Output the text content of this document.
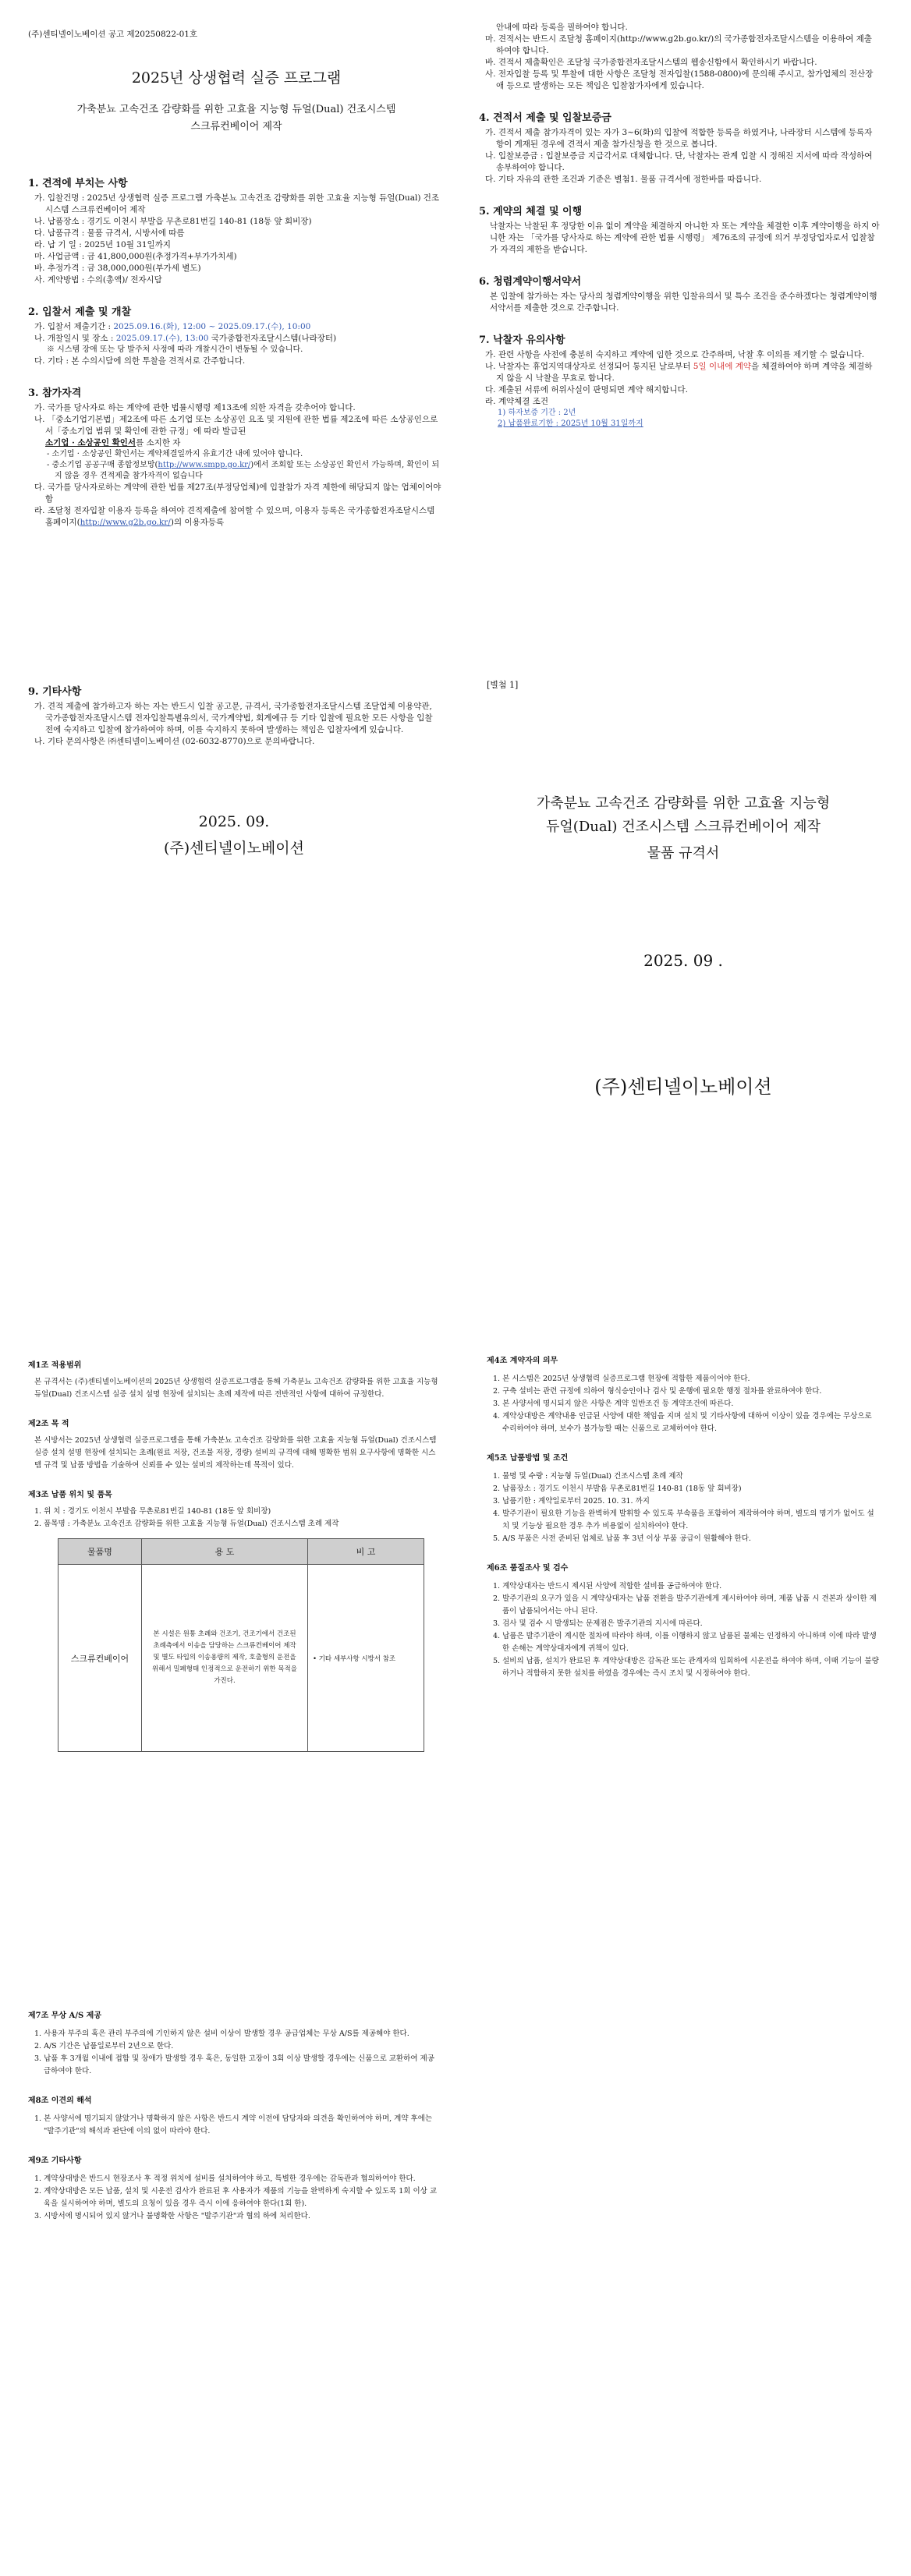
(주)센티넬이노베이션 공고 제20250822-01호
2025년 상생협력 실증 프로그램
가축분뇨 고속건조 감량화를 위한 고효율 지능형 듀얼(Dual) 건조시스템
스크류컨베이어 제작

1. 견적에 부치는 사항

가. 입찰건명 : 2025년 상생협력 실증 프로그램 가축분뇨 고속건조 감량화를 위한 고효율 지능형 듀얼(Dual) 건조시스템 스크류컨베이어 제작

나. 납품장소 : 경기도 이천시 부발읍 무촌로81번길 140-81 (18동 앞 회비장)

다. 납품규격 : 물품 규격서, 시방서에 따름

라. 납 기 일 : 2025년 10월 31일까지

마. 사업금액 : 금 41,800,000원(추정가격+부가가치세)

바. 추정가격 : 금 38,000,000원(부가세 별도)

사. 계약방법 : 수의(총액)/ 전자시담

2. 입찰서 제출 및 개찰

가. 입찰서 제출기간 : 2025.09.16.(화), 12:00 ~ 2025.09.17.(수), 10:00

나. 개찰일시 및 장소 : 2025.09.17.(수), 13:00 국가종합전자조달시스템(나라장터)

※ 시스템 장애 또는 당 발주처 사정에 따라 개찰시간이 변동될 수 있습니다.

다. 기타 : 본 수의시담에 의한 투찰을 견적서로 간주합니다.

3. 참가자격

가. 국가를 당사자로 하는 계약에 관한 법률시행령 제13조에 의한 자격을 갖추어야 합니다.

나. 「중소기업기본법」제2조에 따른 소기업 또는 소상공인 요조 및 지원에 관한 법률 제2조에 따른 소상공인으로서「중소기업 범위 및 확인에 관한 규정」에 따라 발급된
소기업 · 소상공인 확인서를 소지한 자

- 소기업 · 소상공인 확인서는 계약체결일까지 유효기간 내에 있어야 합니다.

- 중소기업 공공구매 종합정보망(http://www.smpp.go.kr/)에서 조회할 또는 소상공인 확인서 가능하며, 확인이 되지 않을 경우 견적제출 참가자격이 없습니다

다. 국가를 당사자로하는 계약에 관한 법률 제27조(부정당업체)에 입찰참가 자격 제한에 해당되지 않는 업체이어야 함

라. 조달청 전자입찰 이용자 등록을 하여야 견적제출에 참여할 수 있으며, 이용자 등록은 국가종합전자조달시스템 홈페이지(http://www.g2b.go.kr/)의 이용자등록

안내에 따라 등록을 필하여야 합니다.

마. 견적서는 반드시 조달청 홈페이지(http://www.g2b.go.kr/)의 국가종합전자조달시스템을 이용하여 제출하여야 합니다.

바. 견적서 제출확인은 조달청 국가종합전자조달시스템의 웹송신함에서 확인하시기 바랍니다.

사. 전자입찰 등록 및 투찰에 대한 사항은 조달청 전자입찰(1588-0800)에 문의해 주시고, 참가업체의 전산장애 등으로 발생하는 모든 책임은 입찰참가자에게 있습니다.

4. 견적서 제출 및 입찰보증금

가. 견적서 제출 참가자격이 있는 자가 3~6(화)의 입찰에 적합한 등록을 하였거나, 나라장터 시스템에 등록자항이 게재된 경우에 견적서 제출 참가신청을 한 것으로 봅니다.

나. 입찰보증금 : 입찰보증금 지급각서로 대체합니다. 단, 낙찰자는 관계 입찰 시 정해진 지서에 따라 작성하여 송부하여야 합니다.

다. 기타 자유의 관한 조건과 기준은 별첨1. 물품 규격서에 정한바를 따릅니다.

5. 계약의 체결 및 이행

낙찰자는 낙찰된 후 정당한 이유 없이 계약을 체결하지 아니한 자 또는 계약을 체결한 이후 계약이행을 하지 아니한 자는 「국가를 당사자로 하는 계약에 관한 법률 시행령」 제76조의 규정에 의거 부정당업자로서 입찰참가 자격의 제한을 받습니다.

6. 청렴계약이행서약서

본 입찰에 참가하는 자는 당사의 청렴계약이행을 위한 입찰유의서 및 특수 조건을 준수하겠다는 청렴계약이행서약서를 제출한 것으로 간주합니다.

7. 낙찰자 유의사항

가. 관련 사항을 사전에 충분히 숙지하고 계약에 임한 것으로 간주하며, 낙찰 후 이의를 제기할 수 없습니다.

나. 낙찰자는 휴업지역대상자로 선정되어 통지된 날로부터 5일 이내에 계약을 체결하여야 하며 계약을 체결하지 않을 시 낙찰을 무효로 합니다.

다. 제출된 서류에 허위사실이 판명되면 계약 해지합니다.

라. 계약체결 조건

1) 하자보증 기간 : 2년

2) 납품완료기한 : 2025년 10월 31일까지

9. 기타사항

가. 견적 제출에 참가하고자 하는 자는 반드시 입찰 공고문, 규격서, 국가종합전자조달시스템 조달업체 이용약관, 국가종합전자조달시스템 전자입찰특별유의서, 국가계약법, 회계예규 등 기타 입찰에 필요한 모든 사항을 입찰 전에 숙지하고 입찰에 참가하여야 하며, 이를 숙지하지 못하여 발생하는 책임은 입찰자에게 있습니다.

나. 기타 문의사항은 ㈜센티넬이노베이션 (02-6032-8770)으로 문의바랍니다.

2025. 09.
(주)센티넬이노베이션
[별첨 1]
가축분뇨 고속건조 감량화를 위한 고효율 지능형
듀얼(Dual) 건조시스템 스크류컨베이어 제작
물품 규격서
2025. 09 .
(주)센티넬이노베이션

제1조 적용범위

본 규격서는 (주)센티넬이노베이션의 2025년 상생협력 실증프로그램을 통해 가축분뇨 고속건조 감량화를 위한 고효율 지능형 듀얼(Dual) 건조시스템 실증 설치 설명 현장에 설치되는 초례 제작에 따른 전반적인 사항에 대하여 규정한다.

제2조 목 적

본 시방서는 2025년 상생협력 실증프로그램을 통해 가축분뇨 고속건조 감량화를 위한 고효율 지능형 듀얼(Dual) 건조시스템 실증 설치 설명 현장에 설치되는 초례(원료 저장, 건조물 저장, 경량) 설비의 규격에 대해 명확한 범위 요구사항에 명확한 시스템 규격 및 납품 방법을 기술하여 신뢰를 수 있는 설비의 제작하는데 목적이 있다.

제3조 납품 위치 및 품목

1. 위 치 : 경기도 이천시 부발읍 무촌로81번길 140-81 (18동 앞 회비장)

2. 품목명 : 가축분뇨 고속건조 감량화를 위한 고효율 지능형 듀얼(Dual) 건조시스템 초례 제작

물품명	용 도	비 고
스크류컨베이어	본 시설은 원통 초례와 건조기, 건조기에서 건조된 초례측에서 이송을 담당하는 스크류컨베이어 제작 및 별도 타입의 이송용량의 제작, 호출형의 운전을 위해서 밀폐형태 인정적으로 운전하기 위한 목적을 가진다.	• 기타 세부사항 시방서 참조

제4조 계약자의 의무

1. 본 시스템은 2025년 상생협력 실증프로그램 현장에 적합한 제품이어야 한다.

2. 구축 설비는 관련 규정에 의하여 형식승인이나 검사 및 운행에 필요한 행정 절차를 완료하여야 한다.

3. 본 사양서에 명시되지 않은 사항은 계약 일반조건 등 계약조건에 따른다.

4. 계약상대방은 계약내용 인급된 사양에 대한 책임을 지며 설치 및 기타사항에 대하여 이상이 있을 경우에는 무상으로 수리하여야 하며, 보수가 불가능할 때는 신품으로 교체하여야 한다.

제5조 납품방법 및 조건

1. 물명 및 수량 : 지능형 듀얼(Dual) 건조시스템 초례 제작

2. 납품장소 : 경기도 이천시 부발읍 무촌로81번길 140-81 (18동 앞 회비장)

3. 납품기한 : 계약일로부터 2025. 10. 31. 까지

4. 발주기관이 필요한 기능을 완벽하게 발휘할 수 있도록 부속품을 포함하여 제작하여야 하며, 별도의 명기가 없어도 설치 및 기능상 필요한 경우 추가 비용없이 설치하여야 한다.

5. A/S 부품은 사전 준비된 업체로 납품 후 3년 이상 부품 공급이 원활해야 한다.

제6조 품질조사 및 검수

1. 계약상대자는 반드시 제시된 사양에 적합한 설비를 공급하여야 한다.

2. 발주기관의 요구가 있을 시 계약상대자는 납품 전환을 발주기관에게 제시하여야 하며, 제품 납품 시 견본과 상이한 제품이 납품되어서는 아니 된다.

3. 검사 및 검수 시 발생되는 문제점은 발주기관의 지시에 따른다.

4. 납품은 발주기관이 계시한 절차에 따라야 하며, 이를 이행하지 않고 납품된 물체는 인정하지 아니하며 이에 따라 발생한 손해는 계약상대자에게 귀책이 있다.

5. 설비의 납품, 설치가 완료된 후 계약상대방은 감독관 또는 관계자의 입회하에 시운전을 하여야 하며, 이때 기능이 불량하거나 적합하지 못한 설치를 하였을 경우에는 즉시 조치 및 시정하여야 한다.

제7조 무상 A/S 제공

1. 사용자 부주의 혹은 관리 부주의에 기인하지 않은 설비 이상이 발생할 경우 공급업체는 무상 A/S를 제공해야 한다.

2. A/S 기간은 납품일로부터 2년으로 한다.

3. 납품 후 3개월 이내에 접합 및 장애가 발생할 경우 혹은, 동일한 고장이 3회 이상 발생할 경우에는 신품으로 교환하여 제공급하여야 한다.

제8조 이견의 해석

1. 본 사양서에 명기되지 않았거나 명확하지 않은 사항은 반드시 계약 이전에 담당자와 의견을 확인하여야 하며, 계약 후에는 "발주기관"의 해석과 판단에 이의 없이 따라야 한다.

제9조 기타사항

1. 계약상대방은 반드시 현장조사 후 적정 위치에 설비를 설치하여야 하고, 특별한 경우에는 감독관과 협의하여야 한다.

2. 계약상대방은 모든 납품, 설치 및 시운전 검사가 완료된 후 사용자가 제품의 기능을 완벽하게 숙지할 수 있도록 1회 이상 교육을 실시하여야 하며, 별도의 요청이 있을 경우 즉시 이에 응하여야 한다(1회 한).

3. 시방서에 명시되어 있지 않거나 불명확한 사항은 "발주기관"과 협의 하에 처리한다.
